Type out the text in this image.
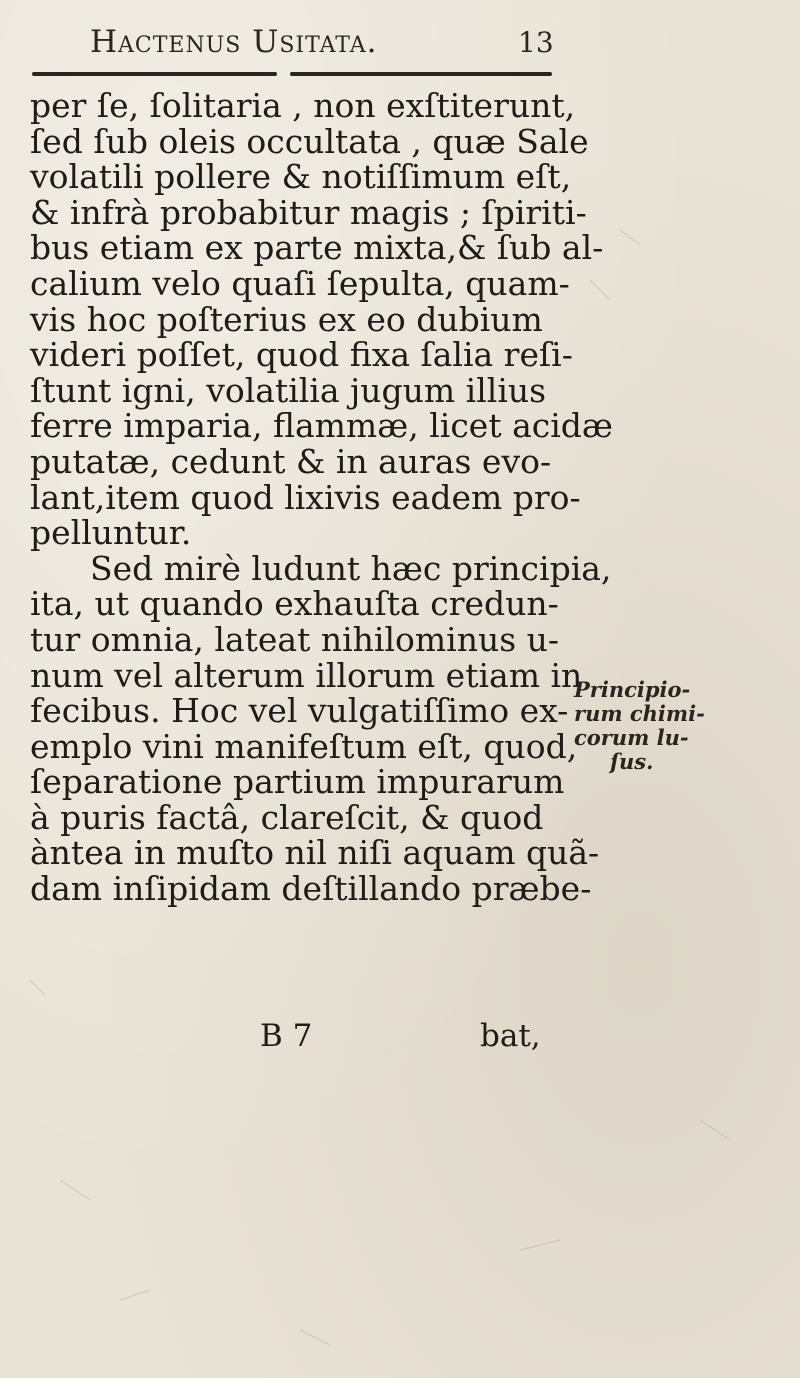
Hactenus Usitata.	13
per ſe, ſolitaria , non exſtiterunt,
ſed ſub oleis occultata , quæ Sale
volatili pollere & notiſſimum eſt,
& infrà probabitur magis ; ſpiriti-
bus etiam ex parte mixta,& ſub al-
calium velo quaſi ſepulta, quam-
vis hoc poſterius ex eo dubium
videri poſſet, quod fixa ſalia reſi-
ſtunt igni, volatilia jugum illius
ferre imparia, flammæ, licet acidæ
putatæ, cedunt & in auras evo-
lant,item quod lixivis eadem pro-
pelluntur.
Sed mirè ludunt hæc principia,
ita, ut quando exhauſta credun-
tur omnia, lateat nihilominus u-
num vel alterum illorum etiam in
fecibus. Hoc vel vulgatiſſimo ex-
emplo vini manifeſtum eſt, quod,
ſeparatione partium impurarum
à puris factâ, clareſcit, & quod
àntea in muſto nil niſi aquam quã-
dam inſipidam deſtillando præbe-
Principio-
rum chimi-
corum lu-
ſus.
B 7	bat,
